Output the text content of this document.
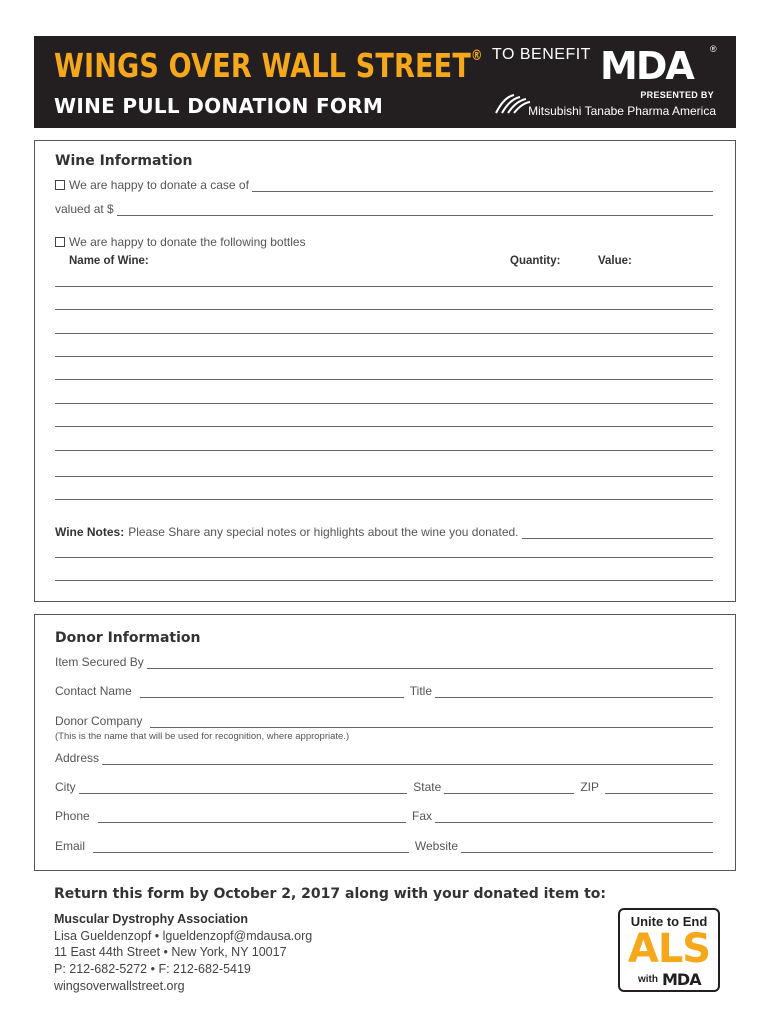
WINGS OVER WALL STREET®
WINE PULL DONATION FORM
TO BENEFIT MDA ®
PRESENTED BY
Mitsubishi Tanabe Pharma America
Wine Information
We are happy to donate a case of
valued at $
We are happy to donate the following bottles
Name of Wine:	Quantity:	Value:
Wine Notes: Please Share any special notes or highlights about the wine you donated.
Donor Information
Item Secured By
Contact Name	Title
Donor Company
(This is the name that will be used for recognition, where appropriate.)
Address
City	State	ZIP
Phone	Fax
Email	Website
Return this form by October 2, 2017 along with your donated item to:
Muscular Dystrophy Association
Lisa Gueldenzopf • lgueldenzopf@mdausa.org
11 East 44th Street • New York, NY 10017
P: 212-682-5272 • F: 212-682-5419
wingsoverwallstreet.org
Unite to End
ALS
with MDA
